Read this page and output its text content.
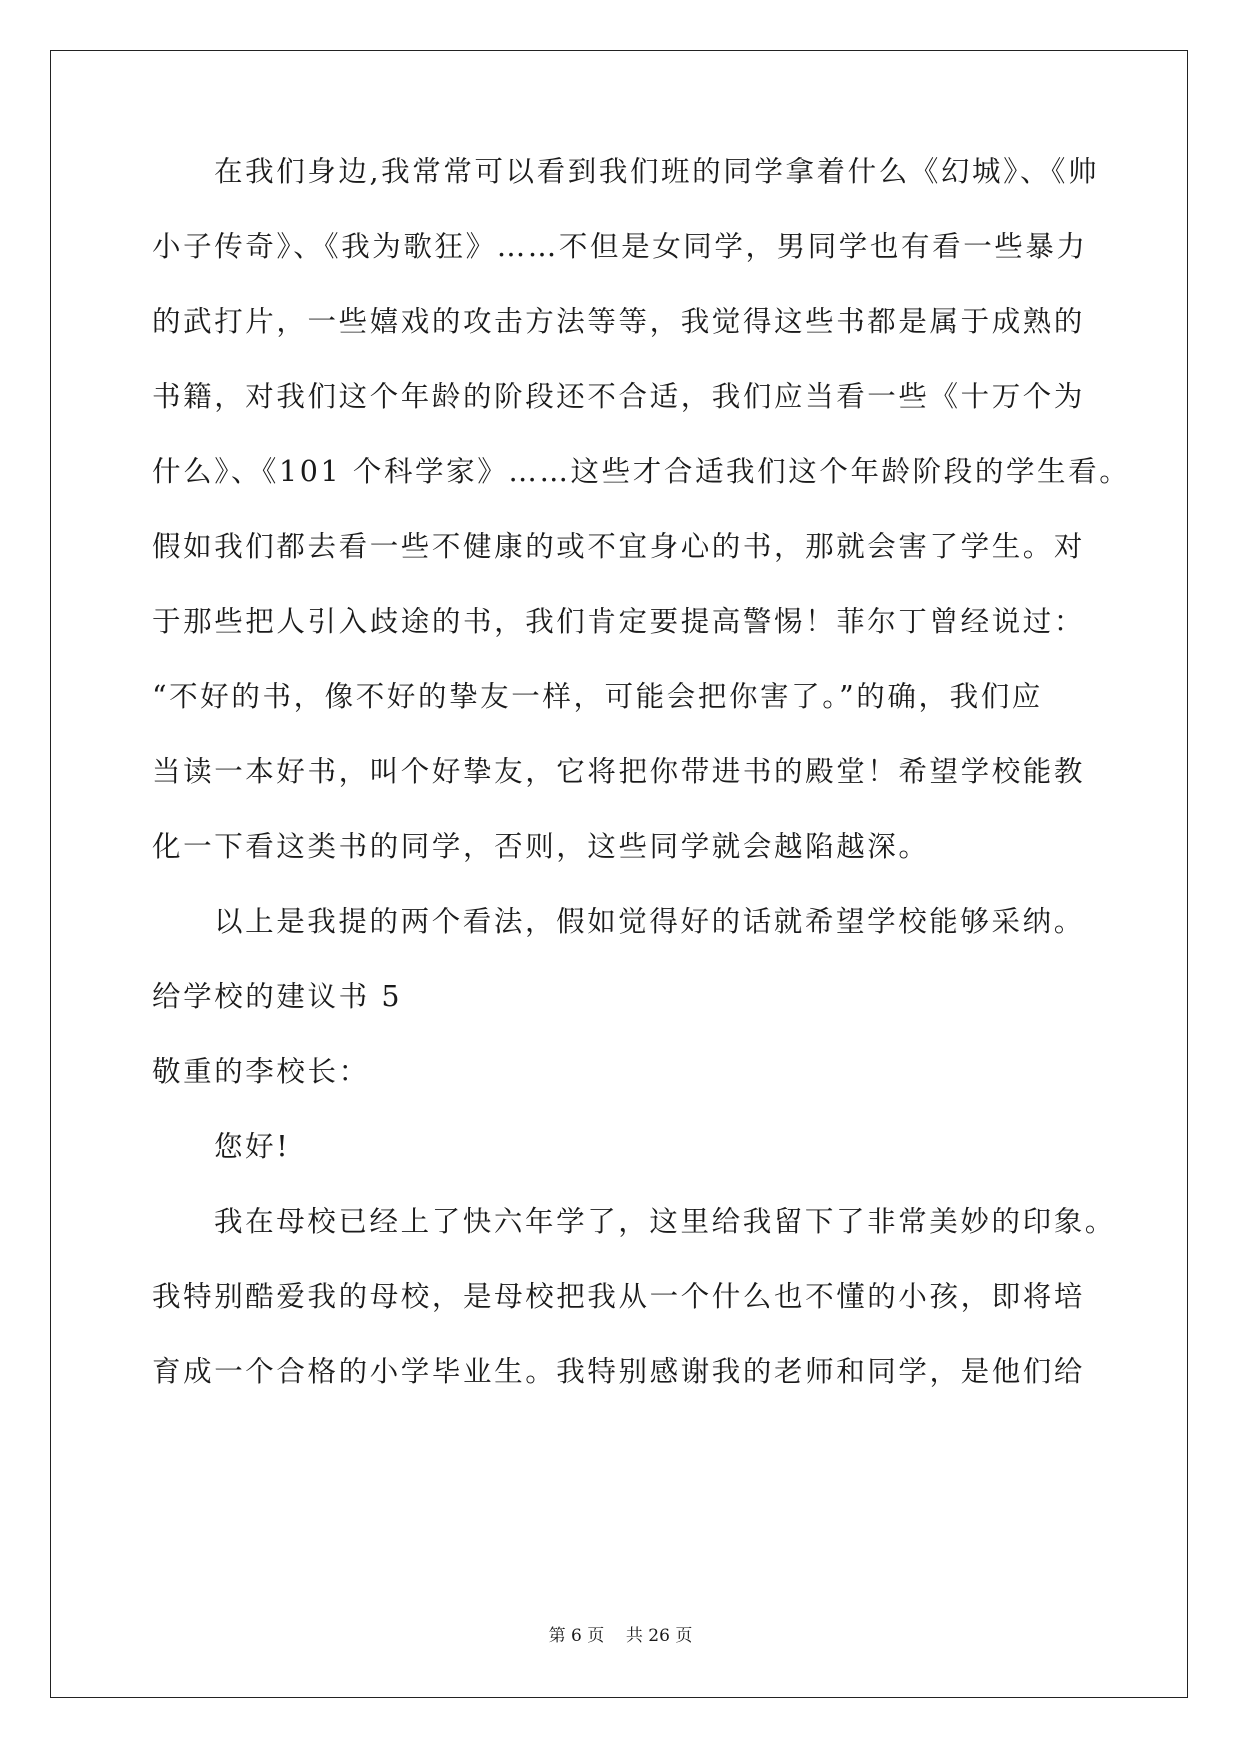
在我们身边,我常常可以看到我们班的同学拿着什么《幻城》、《帅
小子传奇》、《我为歌狂》……不但是女同学，男同学也有看一些暴力
的武打片，一些嬉戏的攻击方法等等，我觉得这些书都是属于成熟的
书籍，对我们这个年龄的阶段还不合适，我们应当看一些《十万个为
什么》、《101 个科学家》……这些才合适我们这个年龄阶段的学生看。
假如我们都去看一些不健康的或不宜身心的书，那就会害了学生。对
于那些把人引入歧途的书，我们肯定要提高警惕！菲尔丁曾经说过：
“不好的书，像不好的挚友一样，可能会把你害了。”的确，我们应
当读一本好书，叫个好挚友，它将把你带进书的殿堂！希望学校能教
化一下看这类书的同学，否则，这些同学就会越陷越深。
以上是我提的两个看法，假如觉得好的话就希望学校能够采纳。
给学校的建议书 5
敬重的李校长：
您好!
我在母校已经上了快六年学了，这里给我留下了非常美妙的印象。
我特别酷爱我的母校，是母校把我从一个什么也不懂的小孩，即将培
育成一个合格的小学毕业生。我特别感谢我的老师和同学，是他们给
第 6 页    共 26 页
